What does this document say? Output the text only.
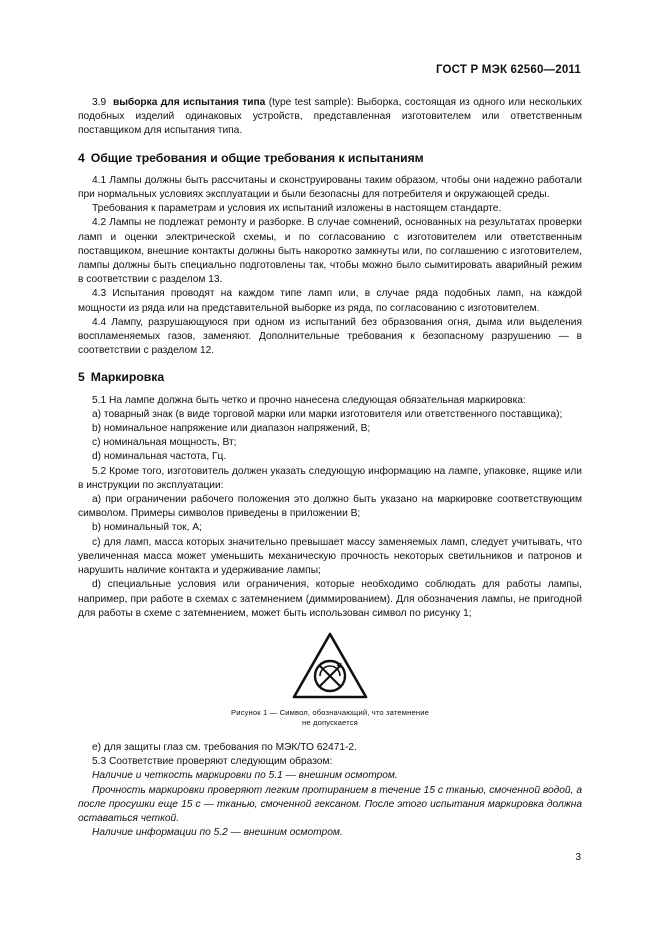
ГОСТ Р МЭК 62560—2011

3.9 выборка для испытания типа (type test sample): Выборка, состоящая из одного или нескольких подобных изделий одинаковых устройств, представленная изготовителем или ответственным поставщиком для испытания типа.

4 Общие требования и общие требования к испытаниям

4.1 Лампы должны быть рассчитаны и сконструированы таким образом, чтобы они надежно работали при нормальных условиях эксплуатации и были безопасны для потребителя и окружающей среды.

Требования к параметрам и условия их испытаний изложены в настоящем стандарте.

4.2 Лампы не подлежат ремонту и разборке. В случае сомнений, основанных на результатах проверки ламп и оценки электрической схемы, и по согласованию с изготовителем или ответственным поставщиком, внешние контакты должны быть накоротко замкнуты или, по соглашению с изготовителем, лампы должны быть специально подготовлены так, чтобы можно было сымитировать аварийный режим в соответствии с разделом 13.

4.3 Испытания проводят на каждом типе ламп или, в случае ряда подобных ламп, на каждой мощности из ряда или на представительной выборке из ряда, по согласованию с изготовителем.

4.4 Лампу, разрушающуюся при одном из испытаний без образования огня, дыма или выделения воспламеняемых газов, заменяют. Дополнительные требования к безопасному разрушению — в соответствии с разделом 12.

5 Маркировка

5.1 На лампе должна быть четко и прочно нанесена следующая обязательная маркировка:

a) товарный знак (в виде торговой марки или марки изготовителя или ответственного поставщика);

b) номинальное напряжение или диапазон напряжений, В;

c) номинальная мощность, Вт;

d) номинальная частота, Гц.

5.2 Кроме того, изготовитель должен указать следующую информацию на лампе, упаковке, ящике или в инструкции по эксплуатации:

a) при ограничении рабочего положения это должно быть указано на маркировке соответствующим символом. Примеры символов приведены в приложении В;

b) номинальный ток, А;

c) для ламп, масса которых значительно превышает массу заменяемых ламп, следует учитывать, что увеличенная масса может уменьшить механическую прочность некоторых светильников и патронов и нарушить наличие контакта и удерживание лампы;

d) специальные условия или ограничения, которые необходимо соблюдать для работы лампы, например, при работе в схемах с затемнением (диммированием). Для обозначения лампы, не пригодной для работы в схеме с затемнением, может быть использован символ по рисунку 1;

Рисунок 1 — Символ, обозначающий, что затемнение
не допускается

e) для защиты глаз см. требования по МЭК/ТО 62471-2.

5.3 Соответствие проверяют следующим образом:

Наличие и четкость маркировки по 5.1 — внешним осмотром.

Прочность маркировки проверяют легким протиранием в течение 15 с тканью, смоченной водой, а после просушки еще 15 с — тканью, смоченной гексаном. После этого испытания маркировка должна оставаться четкой.

Наличие информации по 5.2 — внешним осмотром.

3
